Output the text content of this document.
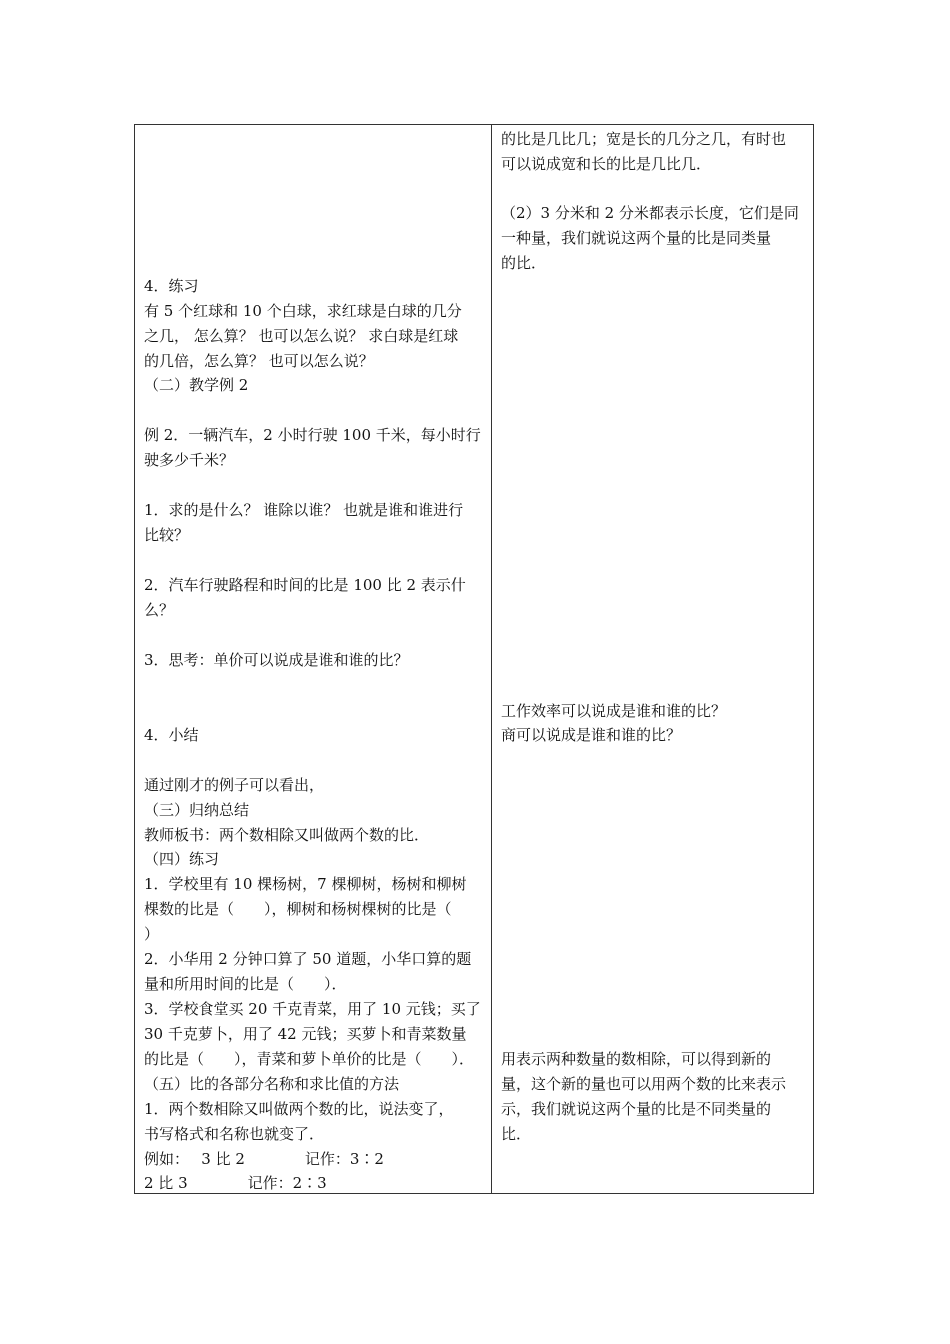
4．练习
有 5 个红球和 10 个白球，求红球是白球的几分
之几， 怎么算？ 也可以怎么说？ 求白球是红球
的几倍，怎么算？ 也可以怎么说？
（二）教学例 2
例 2．一辆汽车，2 小时行驶 100 千米，每小时行
驶多少千米？
1．求的是什么？ 谁除以谁？ 也就是谁和谁进行
比较？
2．汽车行驶路程和时间的比是 100 比 2 表示什
么？
3．思考：单价可以说成是谁和谁的比？
4．小结
通过刚才的例子可以看出，
（三）归纳总结
教师板书：两个数相除又叫做两个数的比．
（四）练习
1．学校里有 10 棵杨树，7 棵柳树，杨树和柳树
棵数的比是（　　），柳树和杨树棵树的比是（
）
2．小华用 2 分钟口算了 50 道题，小华口算的题
量和所用时间的比是（　　）．
3．学校食堂买 20 千克青菜，用了 10 元钱；买了
30 千克萝卜，用了 42 元钱；买萝卜和青菜数量
的比是（　　），青菜和萝卜单价的比是（　　）．
（五）比的各部分名称和求比值的方法
1．两个数相除又叫做两个数的比，说法变了，
书写格式和名称也就变了．
例如：　 3 比 2　　　　记作：3∶2
2 比 3　　　　记作：2∶3
的比是几比几；宽是长的几分之几，有时也
可以说成宽和长的比是几比几．
（2）3 分米和 2 分米都表示长度，它们是同
一种量，我们就说这两个量的比是同类量
的比．
工作效率可以说成是谁和谁的比？
商可以说成是谁和谁的比？
用表示两种数量的数相除，可以得到新的
量，这个新的量也可以用两个数的比来表示
示，我们就说这两个量的比是不同类量的
比．
